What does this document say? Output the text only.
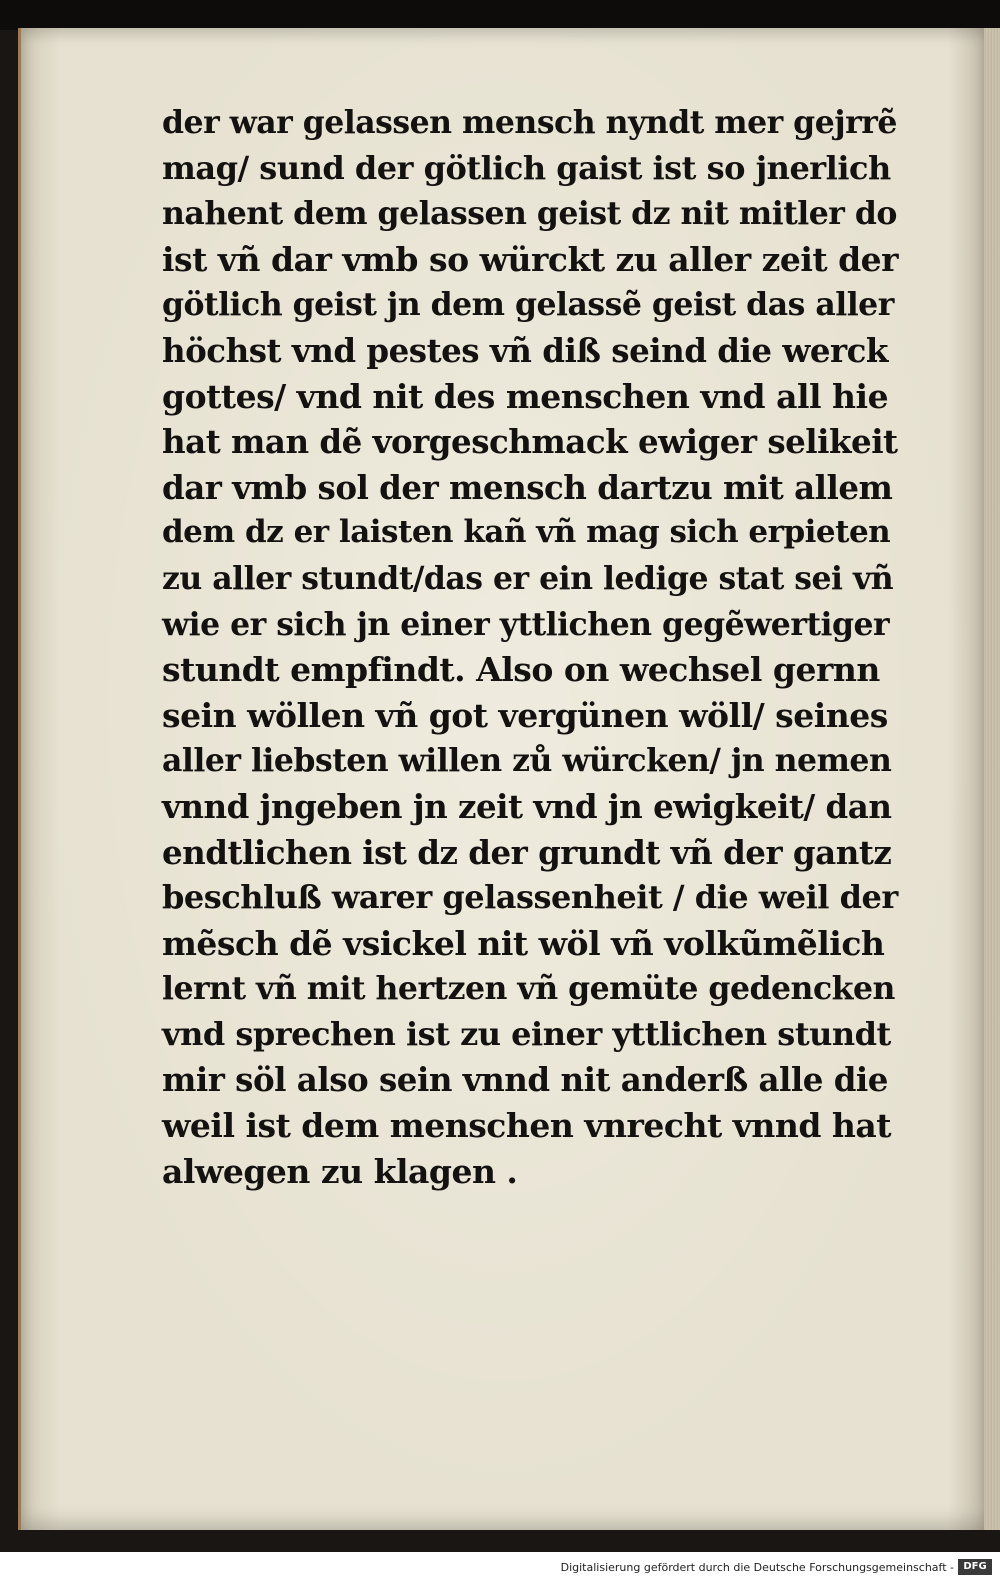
der war gelassen mensch nyndt mer gejrrẽ
mag/ sund der götlich gaist ist so jnerlich
nahent dem gelassen geist dz nit mitler do
ist vñ dar vmb so würckt zu aller zeit der
götlich geist jn dem gelassẽ geist das aller
höchst vnd pestes vñ diß seind die werck
gottes/ vnd nit des menschen vnd all hie
hat man dẽ vorgeschmack ewiger selikeit
dar vmb sol der mensch dartzu mit allem
dem dz er laisten kañ vñ mag sich erpieten
zu aller stundt/das er ein ledige stat sei vñ
wie er sich jn einer yttlichen gegẽwertiger
stundt empfindt. Also on wechsel gernn
sein wöllen vñ got vergünen wöll/ seines
aller liebsten willen zů würcken/ jn nemen
vnnd jngeben jn zeit vnd jn ewigkeit/ dan
endtlichen ist dz der grundt vñ der gantz
beschluß warer gelassenheit / die weil der
mẽsch dẽ vsickel nit wöl vñ volkũmẽlich
lernt vñ mit hertzen vñ gemüte gedencken
vnd sprechen ist zu einer yttlichen stundt
mir söl also sein vnnd nit anderß alle die
weil ist dem menschen vnrecht vnnd hat
alwegen zu klagen .
Digitalisierung gefördert durch die Deutsche Forschungsgemeinschaft - DFG
